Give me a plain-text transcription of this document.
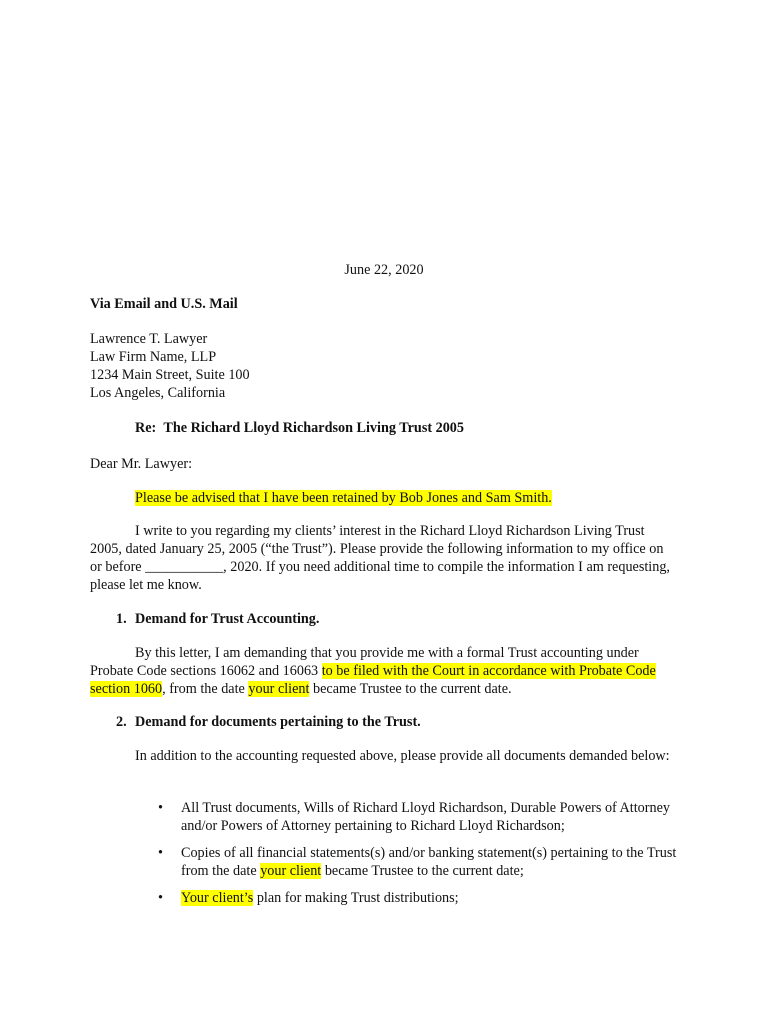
June 22, 2020
Via Email and U.S. Mail
Lawrence T. Lawyer
Law Firm Name, LLP
1234 Main Street, Suite 100
Los Angeles, California
Re: The Richard Lloyd Richardson Living Trust 2005
Dear Mr. Lawyer:
Please be advised that I have been retained by Bob Jones and Sam Smith.
I write to you regarding my clients’ interest in the Richard Lloyd Richardson Living Trust 2005, dated January 25, 2005 (“the Trust”). Please provide the following information to my office on or before ___________, 2020. If you need additional time to compile the information I am requesting, please let me know.
1. Demand for Trust Accounting.
By this letter, I am demanding that you provide me with a formal Trust accounting under Probate Code sections 16062 and 16063 to be filed with the Court in accordance with Probate Code section 1060, from the date your client became Trustee to the current date.
2. Demand for documents pertaining to the Trust.
In addition to the accounting requested above, please provide all documents demanded below:
• All Trust documents, Wills of Richard Lloyd Richardson, Durable Powers of Attorney and/or Powers of Attorney pertaining to Richard Lloyd Richardson;
• Copies of all financial statements(s) and/or banking statement(s) pertaining to the Trust from the date your client became Trustee to the current date;
• Your client’s plan for making Trust distributions;
